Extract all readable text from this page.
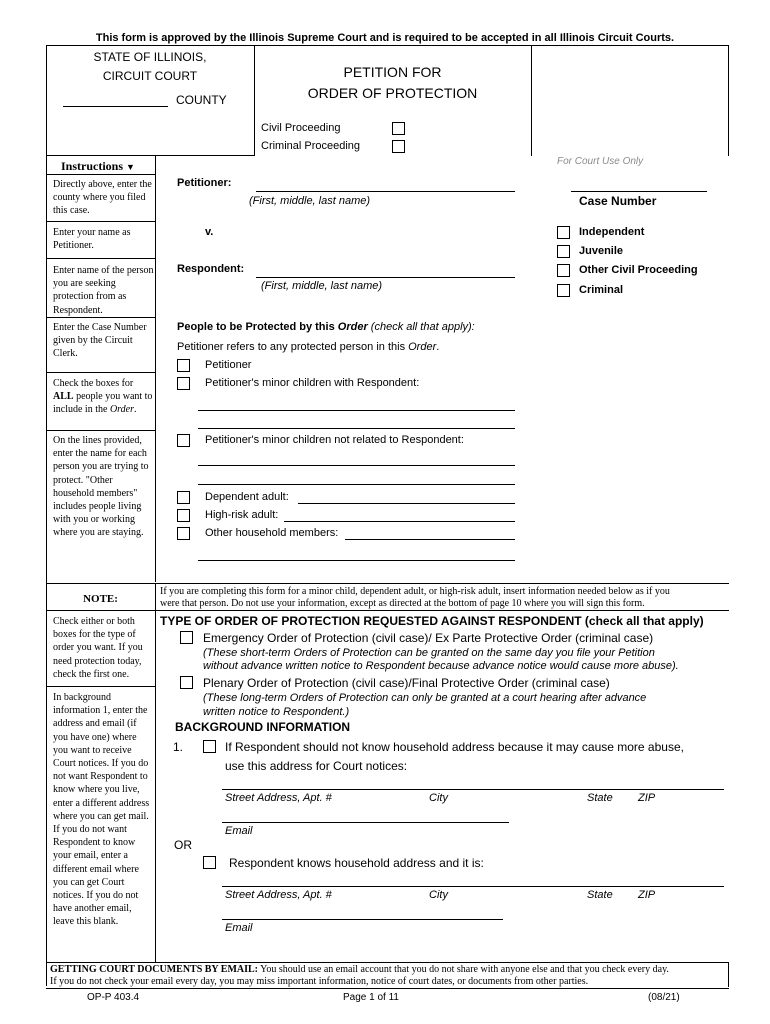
This form is approved by the Illinois Supreme Court and is required to be accepted in all Illinois Circuit Courts.
STATE OF ILLINOIS,
CIRCUIT COURT
COUNTY
PETITION FOR
ORDER OF PROTECTION
Civil Proceeding
Criminal Proceeding
For Court Use Only
Instructions ▼
Directly above, enter the county where you filed this case.
Enter your name as Petitioner.
Enter name of the person you are seeking protection from as Respondent.
Enter the Case Number given by the Circuit Clerk.
Check the boxes for ALL people you want to include in the Order.
On the lines provided, enter the name for each person you are trying to protect. "Other household members" includes people living with you or working where you are staying.
NOTE:
If you are completing this form for a minor child, dependent adult, or high-risk adult, insert information needed below as if you
were that person. Do not use your information, except as directed at the bottom of page 10 where you will sign this form.
Check either or both boxes for the type of order you want. If you need protection today, check the first one.
In background information 1, enter the address and email (if you have one) where you want to receive Court notices. If you do not want Respondent to know where you live, enter a different address where you can get mail. If you do not want Respondent to know your email, enter a different email where you can get Court notices. If you do not have another email, leave this blank.
Petitioner:
(First, middle, last name)
v.
Respondent:
(First, middle, last name)
Case Number
Independent
Juvenile
Other Civil Proceeding
Criminal
People to be Protected by this Order (check all that apply):
Petitioner refers to any protected person in this Order.
Petitioner
Petitioner's minor children with Respondent:
Petitioner's minor children not related to Respondent:
Dependent adult:
High-risk adult:
Other household members:
TYPE OF ORDER OF PROTECTION REQUESTED AGAINST RESPONDENT (check all that apply)
Emergency Order of Protection (civil case)/ Ex Parte Protective Order (criminal case)
(These short-term Orders of Protection can be granted on the same day you file your Petition
without advance written notice to Respondent because advance notice would cause more abuse).
Plenary Order of Protection (civil case)/Final Protective Order (criminal case)
(These long-term Orders of Protection can only be granted at a court hearing after advance
written notice to Respondent.)
BACKGROUND INFORMATION
1.	If Respondent should not know household address because it may cause more abuse,
use this address for Court notices:
Street Address, Apt. #	City	State ZIP
Email
OR
Respondent knows household address and it is:
Street Address, Apt. #	City	State ZIP
Email
GETTING COURT DOCUMENTS BY EMAIL: You should use an email account that you do not share with anyone else and that you check every day.
If you do not check your email every day, you may miss important information, notice of court dates, or documents from other parties.
OP-P 403.4	Page 1 of 11	(08/21)
